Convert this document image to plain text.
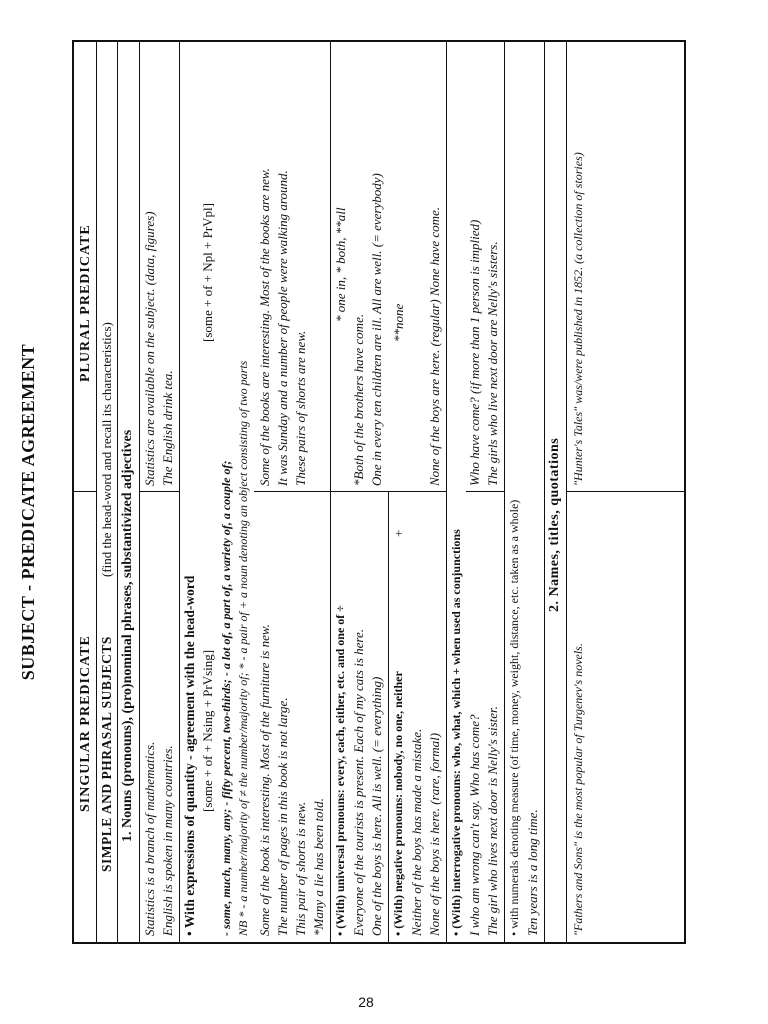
SUBJECT - PREDICATE AGREEMENT
28
SINGULAR PREDICATE
PLURAL PREDICATE
SIMPLE AND PHRASAL SUBJECTS
(find the head-word and recall its characteristics) 1. Nouns (pronouns), (pro)nominal phrases, substantivized adjectives Statistics is a branch of mathematics. English is spoken in many countries.
Statistics are available on the subject. (data, figures) The English drink tea.
• With expressions of quantity - agreement with the head-word [some + of + Nsing + PrVsing]
[some + of + Npl + PrVpl]
- some, much, many, any; - fifty percent, two-thirds; - a lot of, a part of, a variety of, a couple of; NB * - a number/majority of ≠ the number/majority of; * - a pair of + a noun denoting an object consisting of two parts Some of the book is interesting. Most of the furniture is new. The number of pages in this book is not large. This pair of shorts is new. *Many a lie has been told.
Some of the books are interesting. Most of the books are new. It was Sunday and a number of people were walking around. These pairs of shorts are new.
• (With) universal pronouns: every, each, either, etc. and one of ÷
* one in, * both, **all
Everyone of the tourists is present. Each of my cats is here. One of the boys is here. All is well. (= everything)
*Both of the brothers have come. One in every ten children are ill. All are well. (= everybody)
• (With) negative pronouns: nobody, no one, neither
+
**none
Neither of the boys has made a mistake. None of the boys is here. (rare, formal)
None of the boys are here. (regular) None have come.
• (With) interrogative pronouns: who, what, which + when used as conjunctions I who am wrong can't say. Who has come? The girl who lives next door is Nelly's sister.
Who have come? (if more than 1 person is implied) The girls who live next door are Nelly's sisters.
• with numerals denoting measure (of time, money, weight, distance, etc. taken as a whole) Ten years is a long time.
2. Names, titles, quotations
"Fathers and Sons" is the most popular of Turgenev's novels.
"Hunter's Tales" was/were published in 1852. (a collection of stories)
